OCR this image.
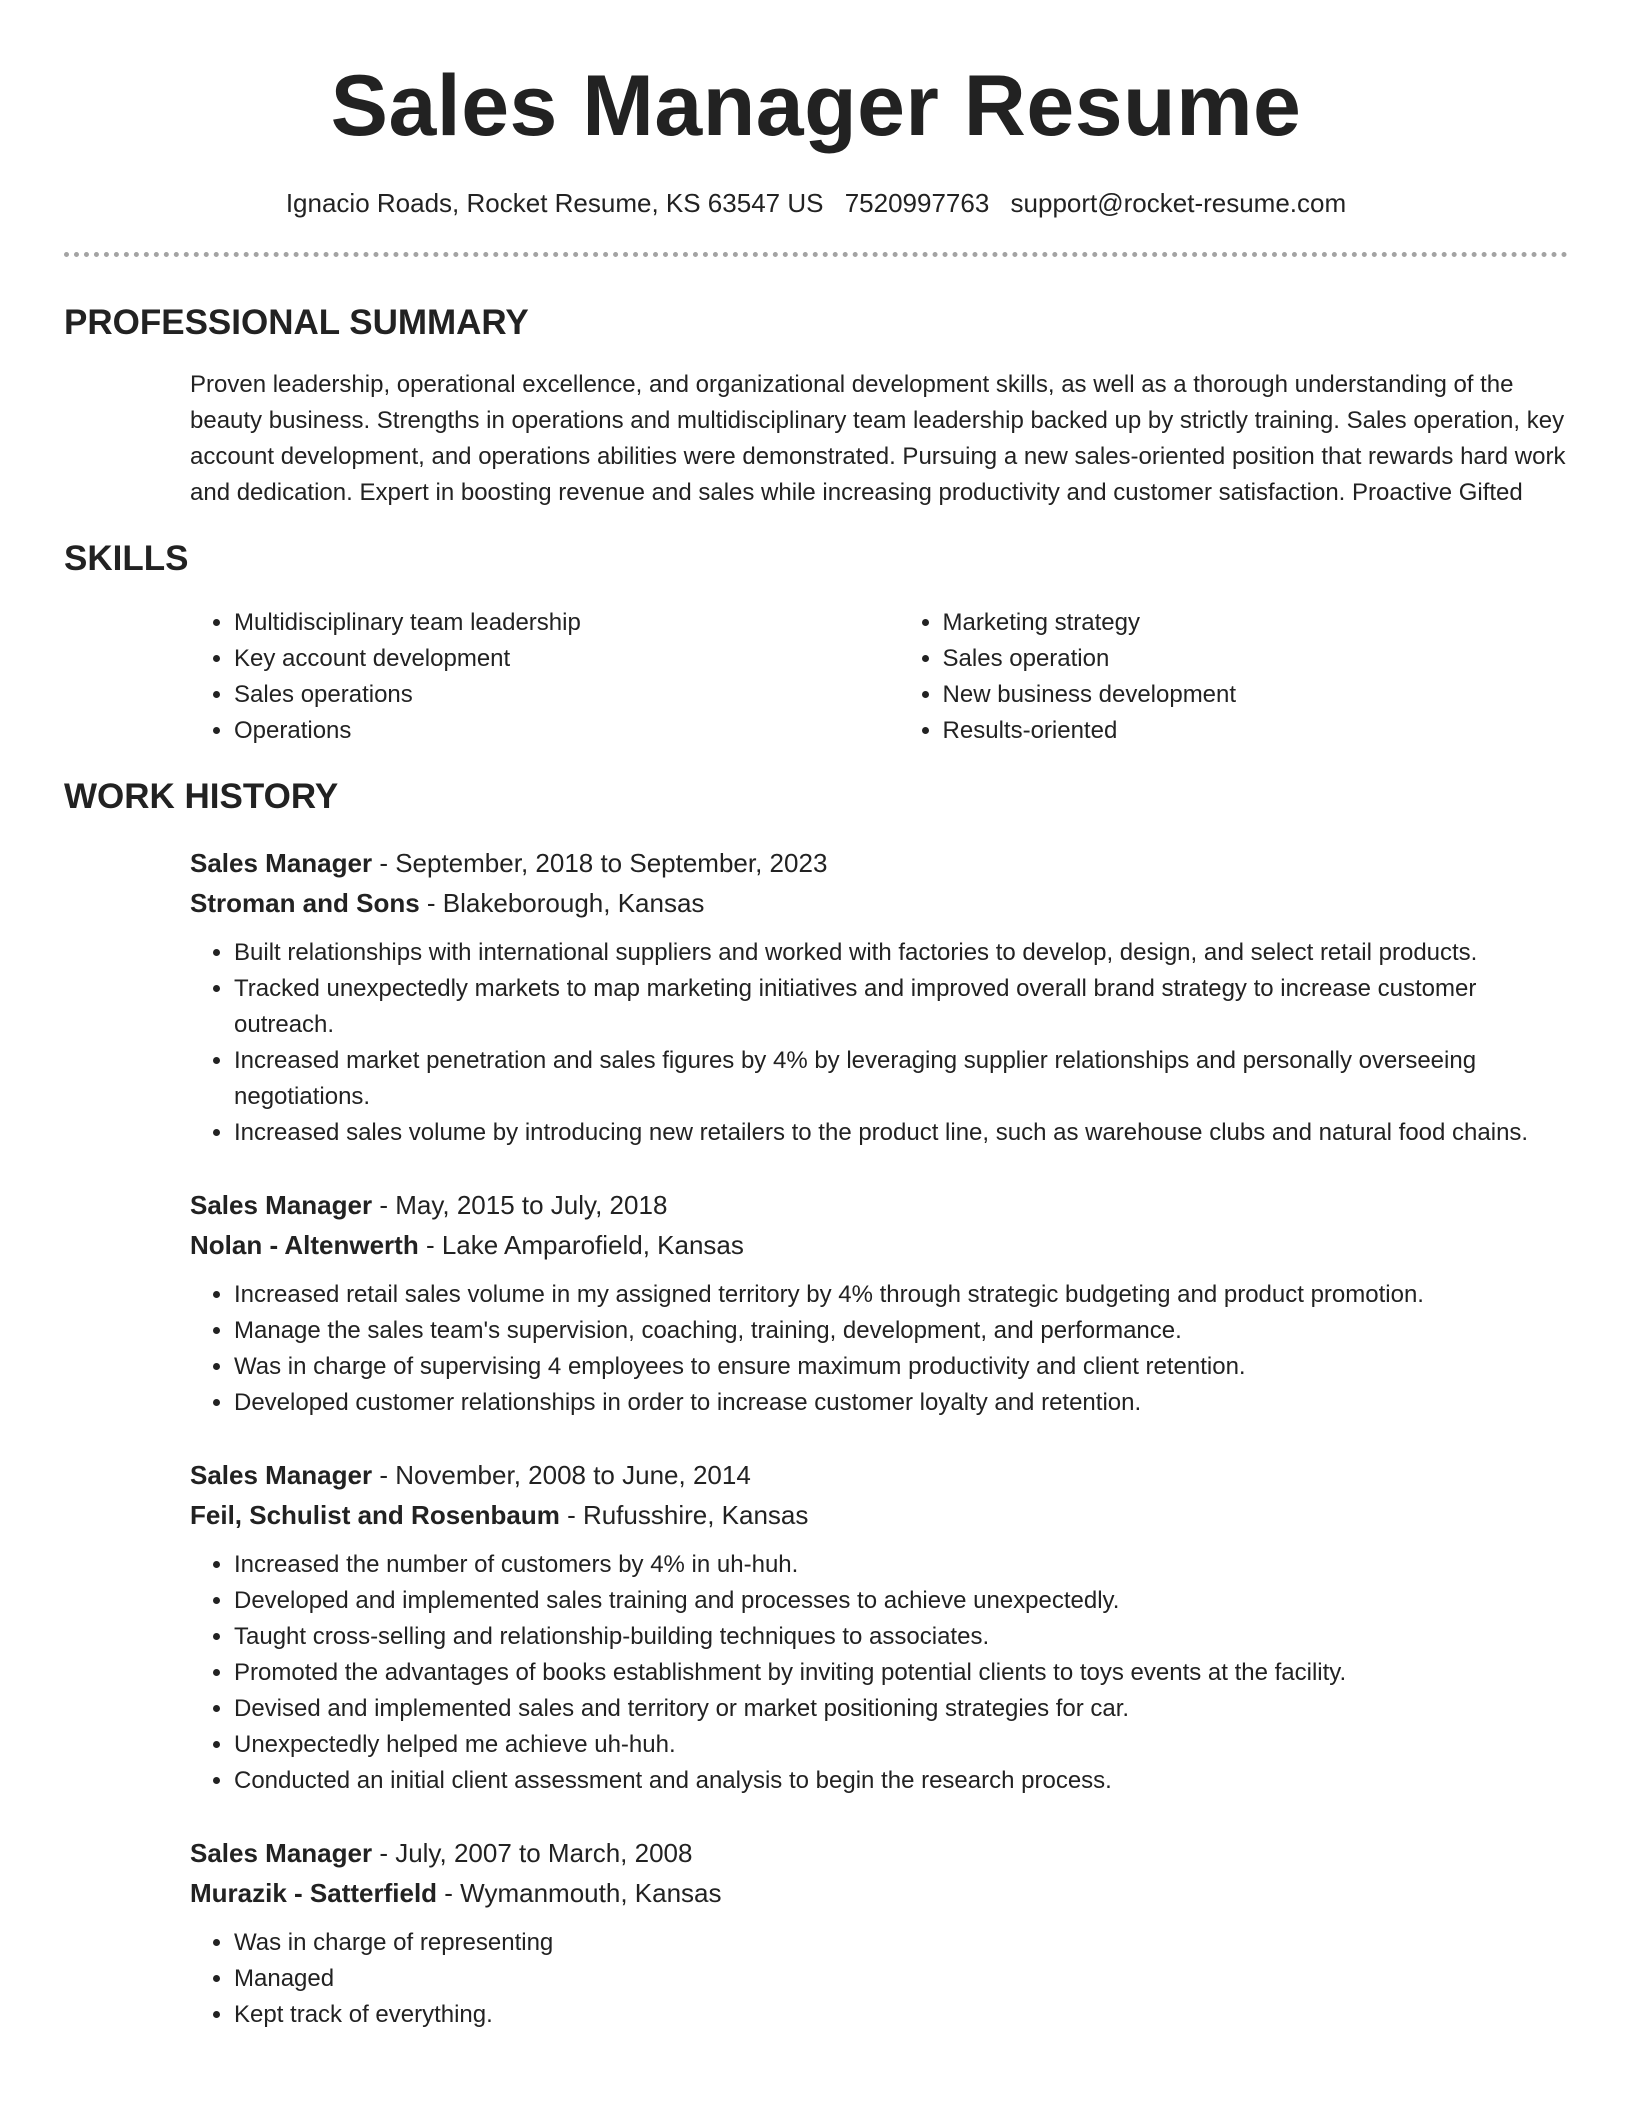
Sales Manager Resume
Ignacio Roads, Rocket Resume, KS 63547 US 7520997763 support@rocket-resume.com
PROFESSIONAL SUMMARY
Proven leadership, operational excellence, and organizational development skills, as well as a thorough understanding of the beauty business. Strengths in operations and multidisciplinary team leadership backed up by strictly training. Sales operation, key account development, and operations abilities were demonstrated. Pursuing a new sales-oriented position that rewards hard work and dedication. Expert in boosting revenue and sales while increasing productivity and customer satisfaction. Proactive Gifted
SKILLS
• Multidisciplinary team leadership
• Key account development
• Sales operations
• Operations
• Marketing strategy
• Sales operation
• New business development
• Results-oriented
WORK HISTORY
Sales Manager - September, 2018 to September, 2023
Stroman and Sons - Blakeborough, Kansas
• Built relationships with international suppliers and worked with factories to develop, design, and select retail products.
• Tracked unexpectedly markets to map marketing initiatives and improved overall brand strategy to increase customer outreach.
• Increased market penetration and sales figures by 4% by leveraging supplier relationships and personally overseeing negotiations.
• Increased sales volume by introducing new retailers to the product line, such as warehouse clubs and natural food chains.
Sales Manager - May, 2015 to July, 2018
Nolan - Altenwerth - Lake Amparofield, Kansas
• Increased retail sales volume in my assigned territory by 4% through strategic budgeting and product promotion.
• Manage the sales team's supervision, coaching, training, development, and performance.
• Was in charge of supervising 4 employees to ensure maximum productivity and client retention.
• Developed customer relationships in order to increase customer loyalty and retention.
Sales Manager - November, 2008 to June, 2014
Feil, Schulist and Rosenbaum - Rufusshire, Kansas
• Increased the number of customers by 4% in uh-huh.
• Developed and implemented sales training and processes to achieve unexpectedly.
• Taught cross-selling and relationship-building techniques to associates.
• Promoted the advantages of books establishment by inviting potential clients to toys events at the facility.
• Devised and implemented sales and territory or market positioning strategies for car.
• Unexpectedly helped me achieve uh-huh.
• Conducted an initial client assessment and analysis to begin the research process.
Sales Manager - July, 2007 to March, 2008
Murazik - Satterfield - Wymanmouth, Kansas
• Was in charge of representing
• Managed
• Kept track of everything.
